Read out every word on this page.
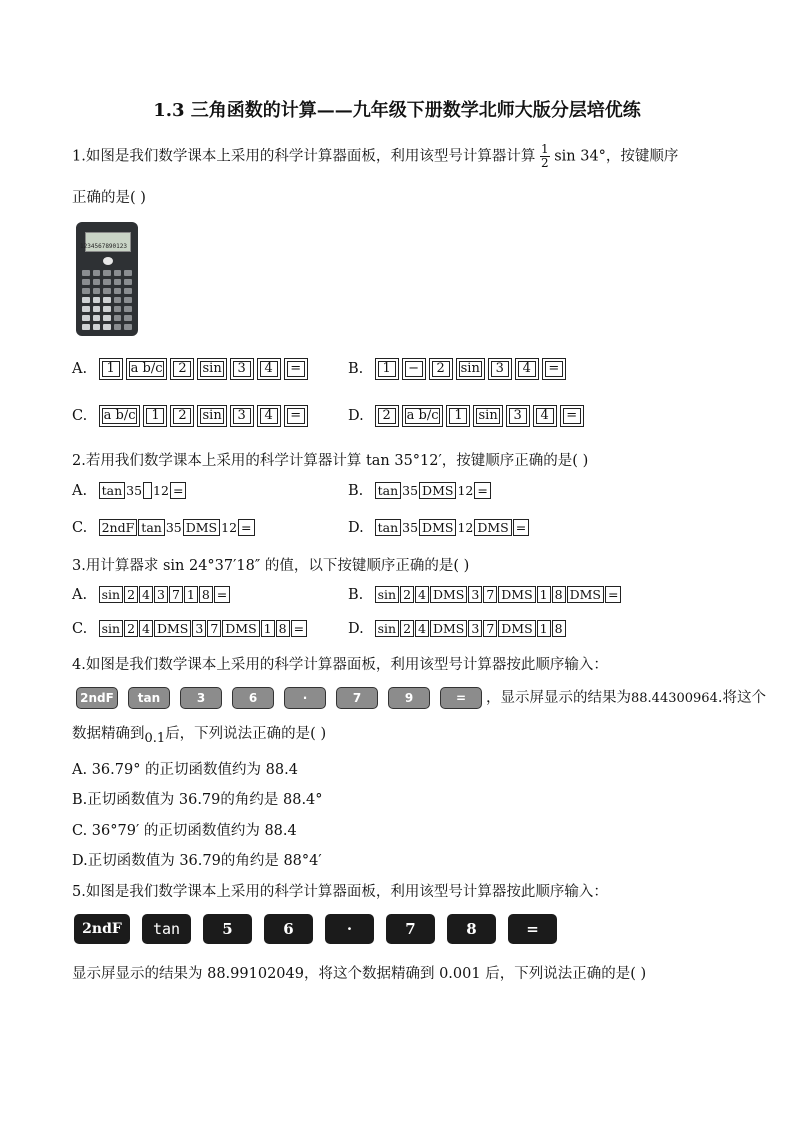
1.3 三角函数的计算——九年级下册数学北师大版分层培优练
1.如图是我们数学课本上采用的科学计算器面板，利用该型号计算器计算 $\frac{1}{2}$ sin 34°，按键顺序
正确的是( )
1234567890123
A. 1 a b/c 2 sin 3 4 =	B. 1 − 2 sin 3 4 =
C. a b/c 1 2 sin 3 4 =	D. 2 a b/c 1 sin 3 4 =
2.若用我们数学课本上采用的科学计算器计算 tan 35°12′，按键顺序正确的是( )
A. tan 35 12 =	B. tan 35 DMS 12 =
C. 2ndF tan 35 DMS 12 =	D. tan 35 DMS 12 DMS =
3.用计算器求 sin 24°37′18″ 的值，以下按键顺序正确的是( )
A. sin 2 4 3 7 1 8 =	B. sin 2 4 DMS 3 7 DMS 1 8 DMS =
C. sin 2 4 DMS 3 7 DMS 1 8 =	D. sin 2 4 DMS 3 7 DMS 1 8
4.如图是我们数学课本上采用的科学计算器面板，利用该型号计算器按此顺序输入：
2ndF tan	3	6	·	7	9	= ，显示屏显示的结果为88.44300964.将这个
数据精确到0.1后，下列说法正确的是( )
A. 36.79° 的正切函数值约为 88.4
B.正切函数值为 36.79的角约是 88.4°
C. 36°79′ 的正切函数值约为 88.4
D.正切函数值为 36.79的角约是 88°4′
5.如图是我们数学课本上采用的科学计算器面板，利用该型号计算器按此顺序输入：
2ndF	tan	5	6	·	7	8	=
显示屏显示的结果为 88.99102049，将这个数据精确到 0.001 后，下列说法正确的是( )
